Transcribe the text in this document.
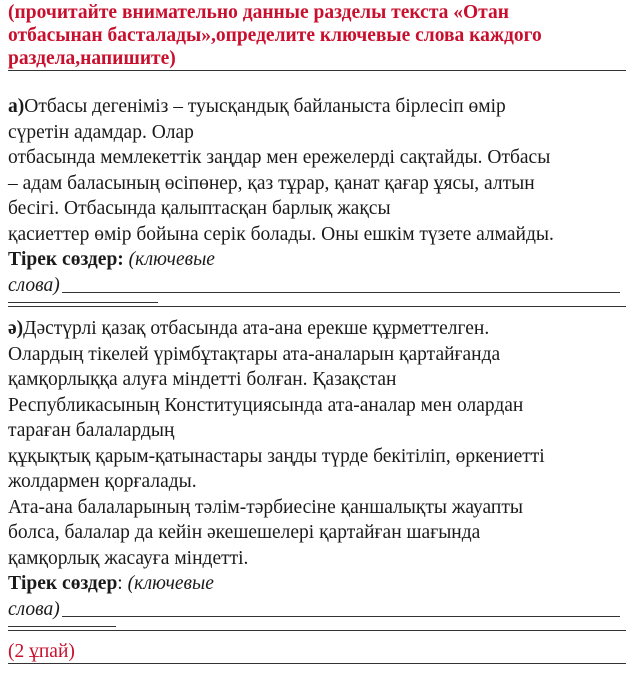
(прочитайте внимательно данные разделы текста «Отан
отбасынан басталады»,определите ключевые слова каждого
раздела,напишите)
а)Отбасы дегеніміз – туысқандық байланыста бірлесіп өмір
сүретін адамдар. Олар
отбасында мемлекеттік заңдар мен ережелерді сақтайды. Отбасы
– адам баласының өсіпөнер, қаз тұрар, қанат қағар ұясы, алтын
бесігі. Отбасында қалыптасқан барлық жақсы
қасиеттер өмір бойына серік болады. Оны ешкім түзете алмайды.
Тірек сөздер: (ключевые
слова)
ә)Дәстүрлі қазақ отбасында ата-ана ерекше құрметтелген.
Олардың тікелей үрімбұтақтары ата-аналарын қартайғанда
қамқорлыққа алуға міндетті болған. Қазақстан
Республикасының Конституциясында ата-аналар мен олардан
тараған балалардың
құқықтық қарым-қатынастары заңды түрде бекітіліп, өркениетті
жолдармен қорғалады.
Ата-ана балаларының тәлім-тәрбиесіне қаншалықты жауапты
болса, балалар да кейін әкешешелері қартайған шағында
қамқорлық жасауға міндетті.
Тірек сөздер: (ключевые
слова)
(2 ұпай)
